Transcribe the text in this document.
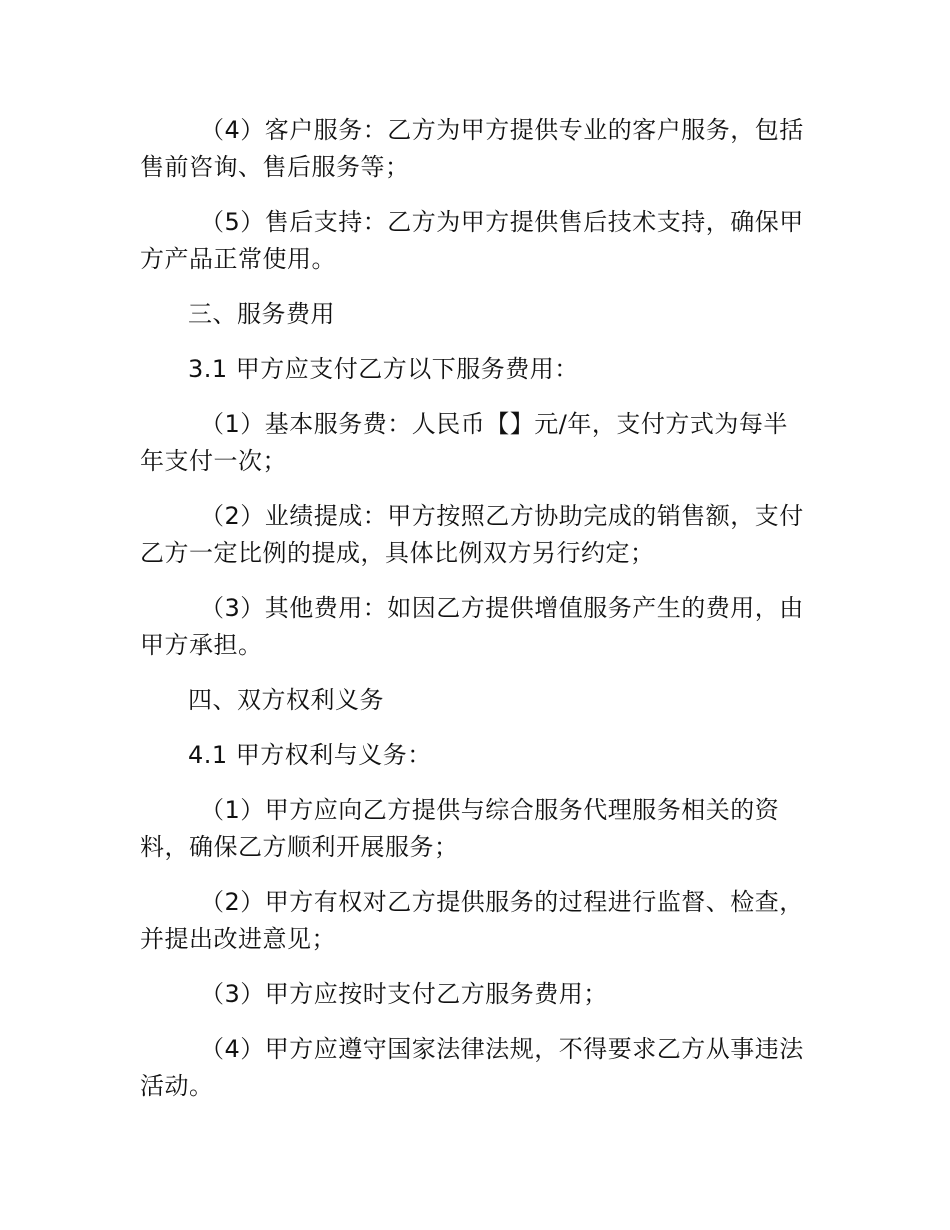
（4）客户服务：乙方为甲方提供专业的客户服务，包括售前咨询、售后服务等；

（5）售后支持：乙方为甲方提供售后技术支持，确保甲方产品正常使用。

三、服务费用

3.1 甲方应支付乙方以下服务费用：

（1）基本服务费：人民币【】元/年，支付方式为每半年支付一次；

（2）业绩提成：甲方按照乙方协助完成的销售额，支付乙方一定比例的提成，具体比例双方另行约定；

（3）其他费用：如因乙方提供增值服务产生的费用，由甲方承担。

四、双方权利义务

4.1 甲方权利与义务：

（1）甲方应向乙方提供与综合服务代理服务相关的资料，确保乙方顺利开展服务；

（2）甲方有权对乙方提供服务的过程进行监督、检查，并提出改进意见；

（3）甲方应按时支付乙方服务费用；

（4）甲方应遵守国家法律法规，不得要求乙方从事违法活动。
